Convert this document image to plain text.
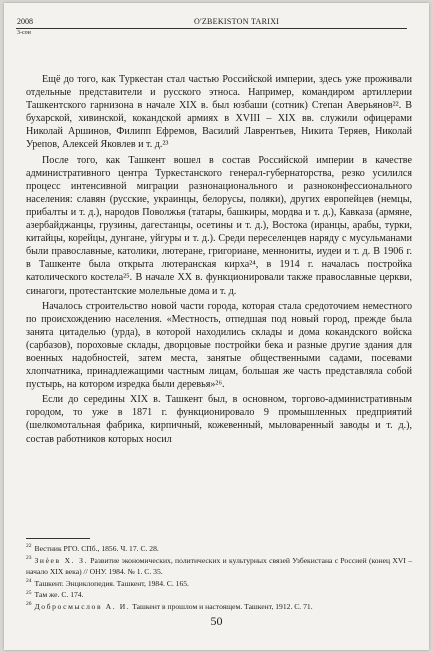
2008	O'ZBEKISTON TARIXI
3-сон

Ещё до того, как Туркестан стал частью Российской империи, здесь уже проживали отдельные представители и русского этноса. Например, командиром артиллерии Ташкентского гарнизона в начале XIX в. был юзбаши (сотник) Степан Аверьянов²². В бухарской, хивинской, кокандской армиях в XVIII – XIX вв. служили офицерами Николай Аршинов, Филипп Ефремов, Василий Лаврентьев, Никита Теряев, Николай Урепов, Алексей Яковлев и т. д.²³

После того, как Ташкент вошел в состав Российской империи в качестве административного центра Туркестанского генерал-губернаторства, резко усилился процесс интенсивной миграции разнонационального и разноконфессионального населения: славян (русские, украинцы, белорусы, поляки), других европейцев (немцы, прибалты и т. д.), народов Поволжья (татары, башкиры, мордва и т. д.), Кавказа (армяне, азербайджанцы, грузины, дагестанцы, осетины и т. д.), Востока (иранцы, арабы, турки, китайцы, корейцы, дунгане, уйгуры и т. д.). Среди переселенцев наряду с мусульманами были православные, католики, лютеране, григориане, меннониты, иудеи и т. д. В 1906 г. в Ташкенте была открыта лютеранская кирха²⁴, в 1914 г. началась постройка католического костела²⁵. В начале XX в. функционировали также православные церкви, синагоги, протестантские молельные дома и т. д.

Началось строительство новой части города, которая стала средоточием неместного по происхождению населения. «Местность, отпедшая под новый город, прежде была занята цитаделью (урда), в которой находились склады и дома кокандского войска (сарбазов), пороховые склады, дворцовые постройки бека и разные другие здания для военных надобностей, затем места, занятые общественными садами, посевами хлопчатника, принадлежащими частным лицам, большая же часть представляла собой пустырь, на котором изредка были деревья»²⁶.

Если до середины XIX в. Ташкент был, в основном, торгово-административным городом, то уже в 1871 г. функционировало 9 промышленных предприятий (шелкомотальная фабрика, кирпичный, кожевенный, мыловаренный заводы и т. д.), состав работников которых носил

$^{22}$ Вестник РГО. СПб., 1856. Ч. 17. С. 28.

$^{23}$ Зиѐев Х. З. Развитие экономических, политических и культурных связей Узбекистана с Россией (конец XVI – начало XIX века) // ОНУ. 1984. № 1. С. 35.

$^{24}$ Ташкент. Энциклопедия. Ташкент, 1984. С. 165.

$^{25}$ Там же. С. 174.

$^{26}$ Добросмыслов А. И. Ташкент в прошлом и настоящем. Ташкент, 1912. С. 71.

50
